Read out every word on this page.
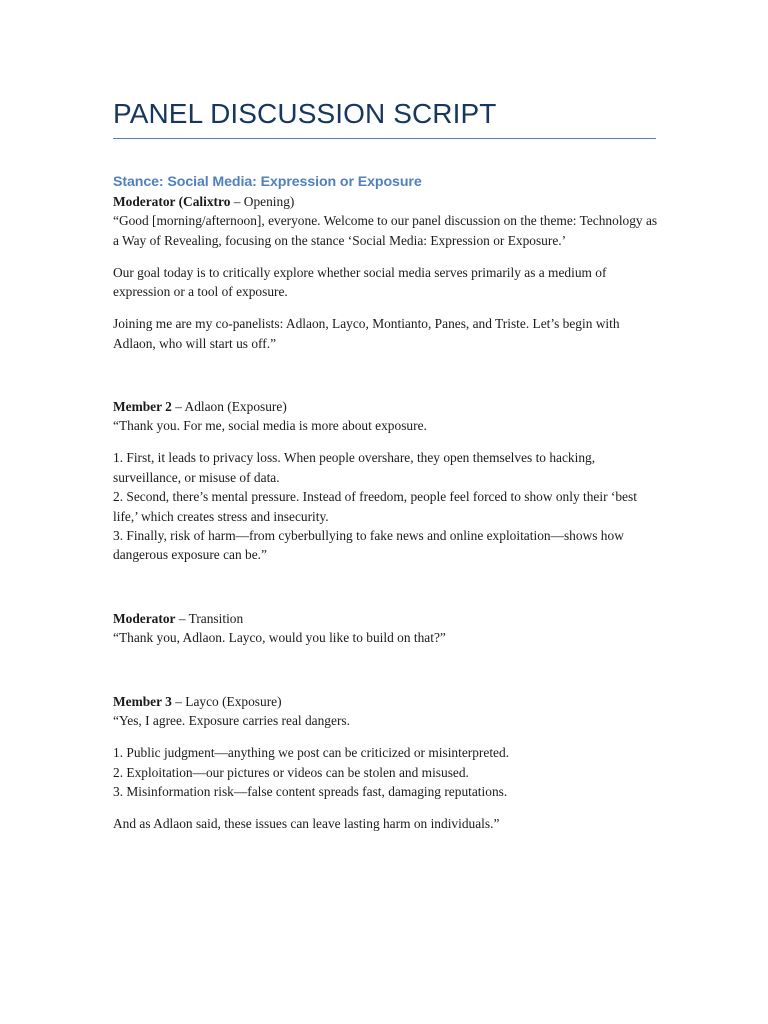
PANEL DISCUSSION SCRIPT
Stance: Social Media: Expression or Exposure

Moderator (Calixtro – Opening)

“Good [morning/afternoon], everyone. Welcome to our panel discussion on the theme: Technology as a Way of Revealing, focusing on the stance ‘Social Media: Expression or Exposure.’

Our goal today is to critically explore whether social media serves primarily as a medium of expression or a tool of exposure.

Joining me are my co-panelists: Adlaon, Layco, Montianto, Panes, and Triste. Let’s begin with Adlaon, who will start us off.”

Member 2 – Adlaon (Exposure)

“Thank you. For me, social media is more about exposure.

1. First, it leads to privacy loss. When people overshare, they open themselves to hacking, surveillance, or misuse of data.

2. Second, there’s mental pressure. Instead of freedom, people feel forced to show only their ‘best life,’ which creates stress and insecurity.

3. Finally, risk of harm—from cyberbullying to fake news and online exploitation—shows how dangerous exposure can be.”

Moderator – Transition

“Thank you, Adlaon. Layco, would you like to build on that?”

Member 3 – Layco (Exposure)

“Yes, I agree. Exposure carries real dangers.

1. Public judgment—anything we post can be criticized or misinterpreted.

2. Exploitation—our pictures or videos can be stolen and misused.

3. Misinformation risk—false content spreads fast, damaging reputations.

And as Adlaon said, these issues can leave lasting harm on individuals.”
